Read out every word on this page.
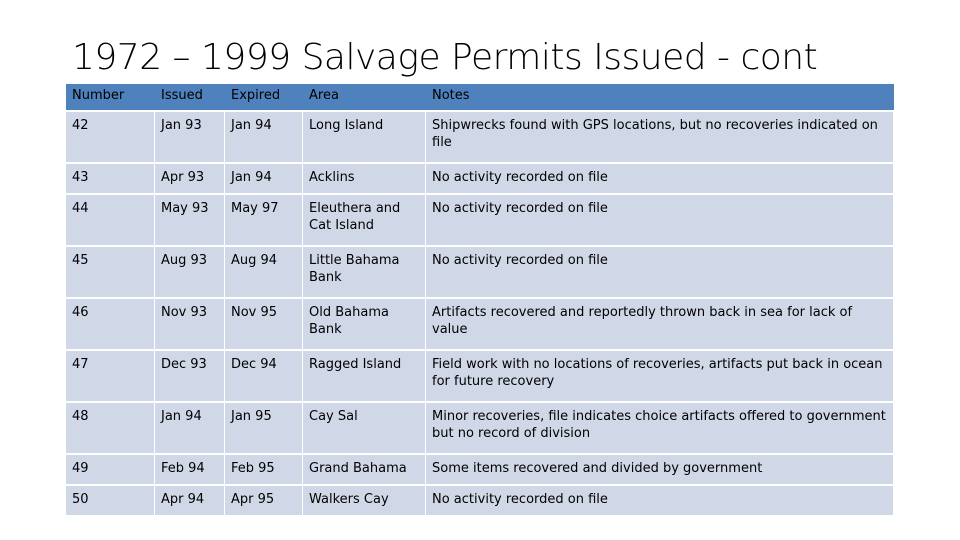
1972 – 1999 Salvage Permits Issued - cont
Number	Issued	Expired	Area	Notes
42	Jan 93	Jan 94	Long Island	Shipwrecks found with GPS locations, but no recoveries indicated on file
43	Apr 93	Jan 94	Acklins	No activity recorded on file
44	May 93	May 97	Eleuthera and Cat Island	No activity recorded on file
45	Aug 93	Aug 94	Little Bahama Bank	No activity recorded on file
46	Nov 93	Nov 95	Old Bahama Bank	Artifacts recovered and reportedly thrown back in sea for lack of value
47	Dec 93	Dec 94	Ragged Island	Field work with no locations of recoveries, artifacts put back in ocean for future recovery
48	Jan 94	Jan 95	Cay Sal	Minor recoveries, file indicates choice artifacts offered to government but no record of division
49	Feb 94	Feb 95	Grand Bahama	Some items recovered and divided by government
50	Apr 94	Apr 95	Walkers Cay	No activity recorded on file
